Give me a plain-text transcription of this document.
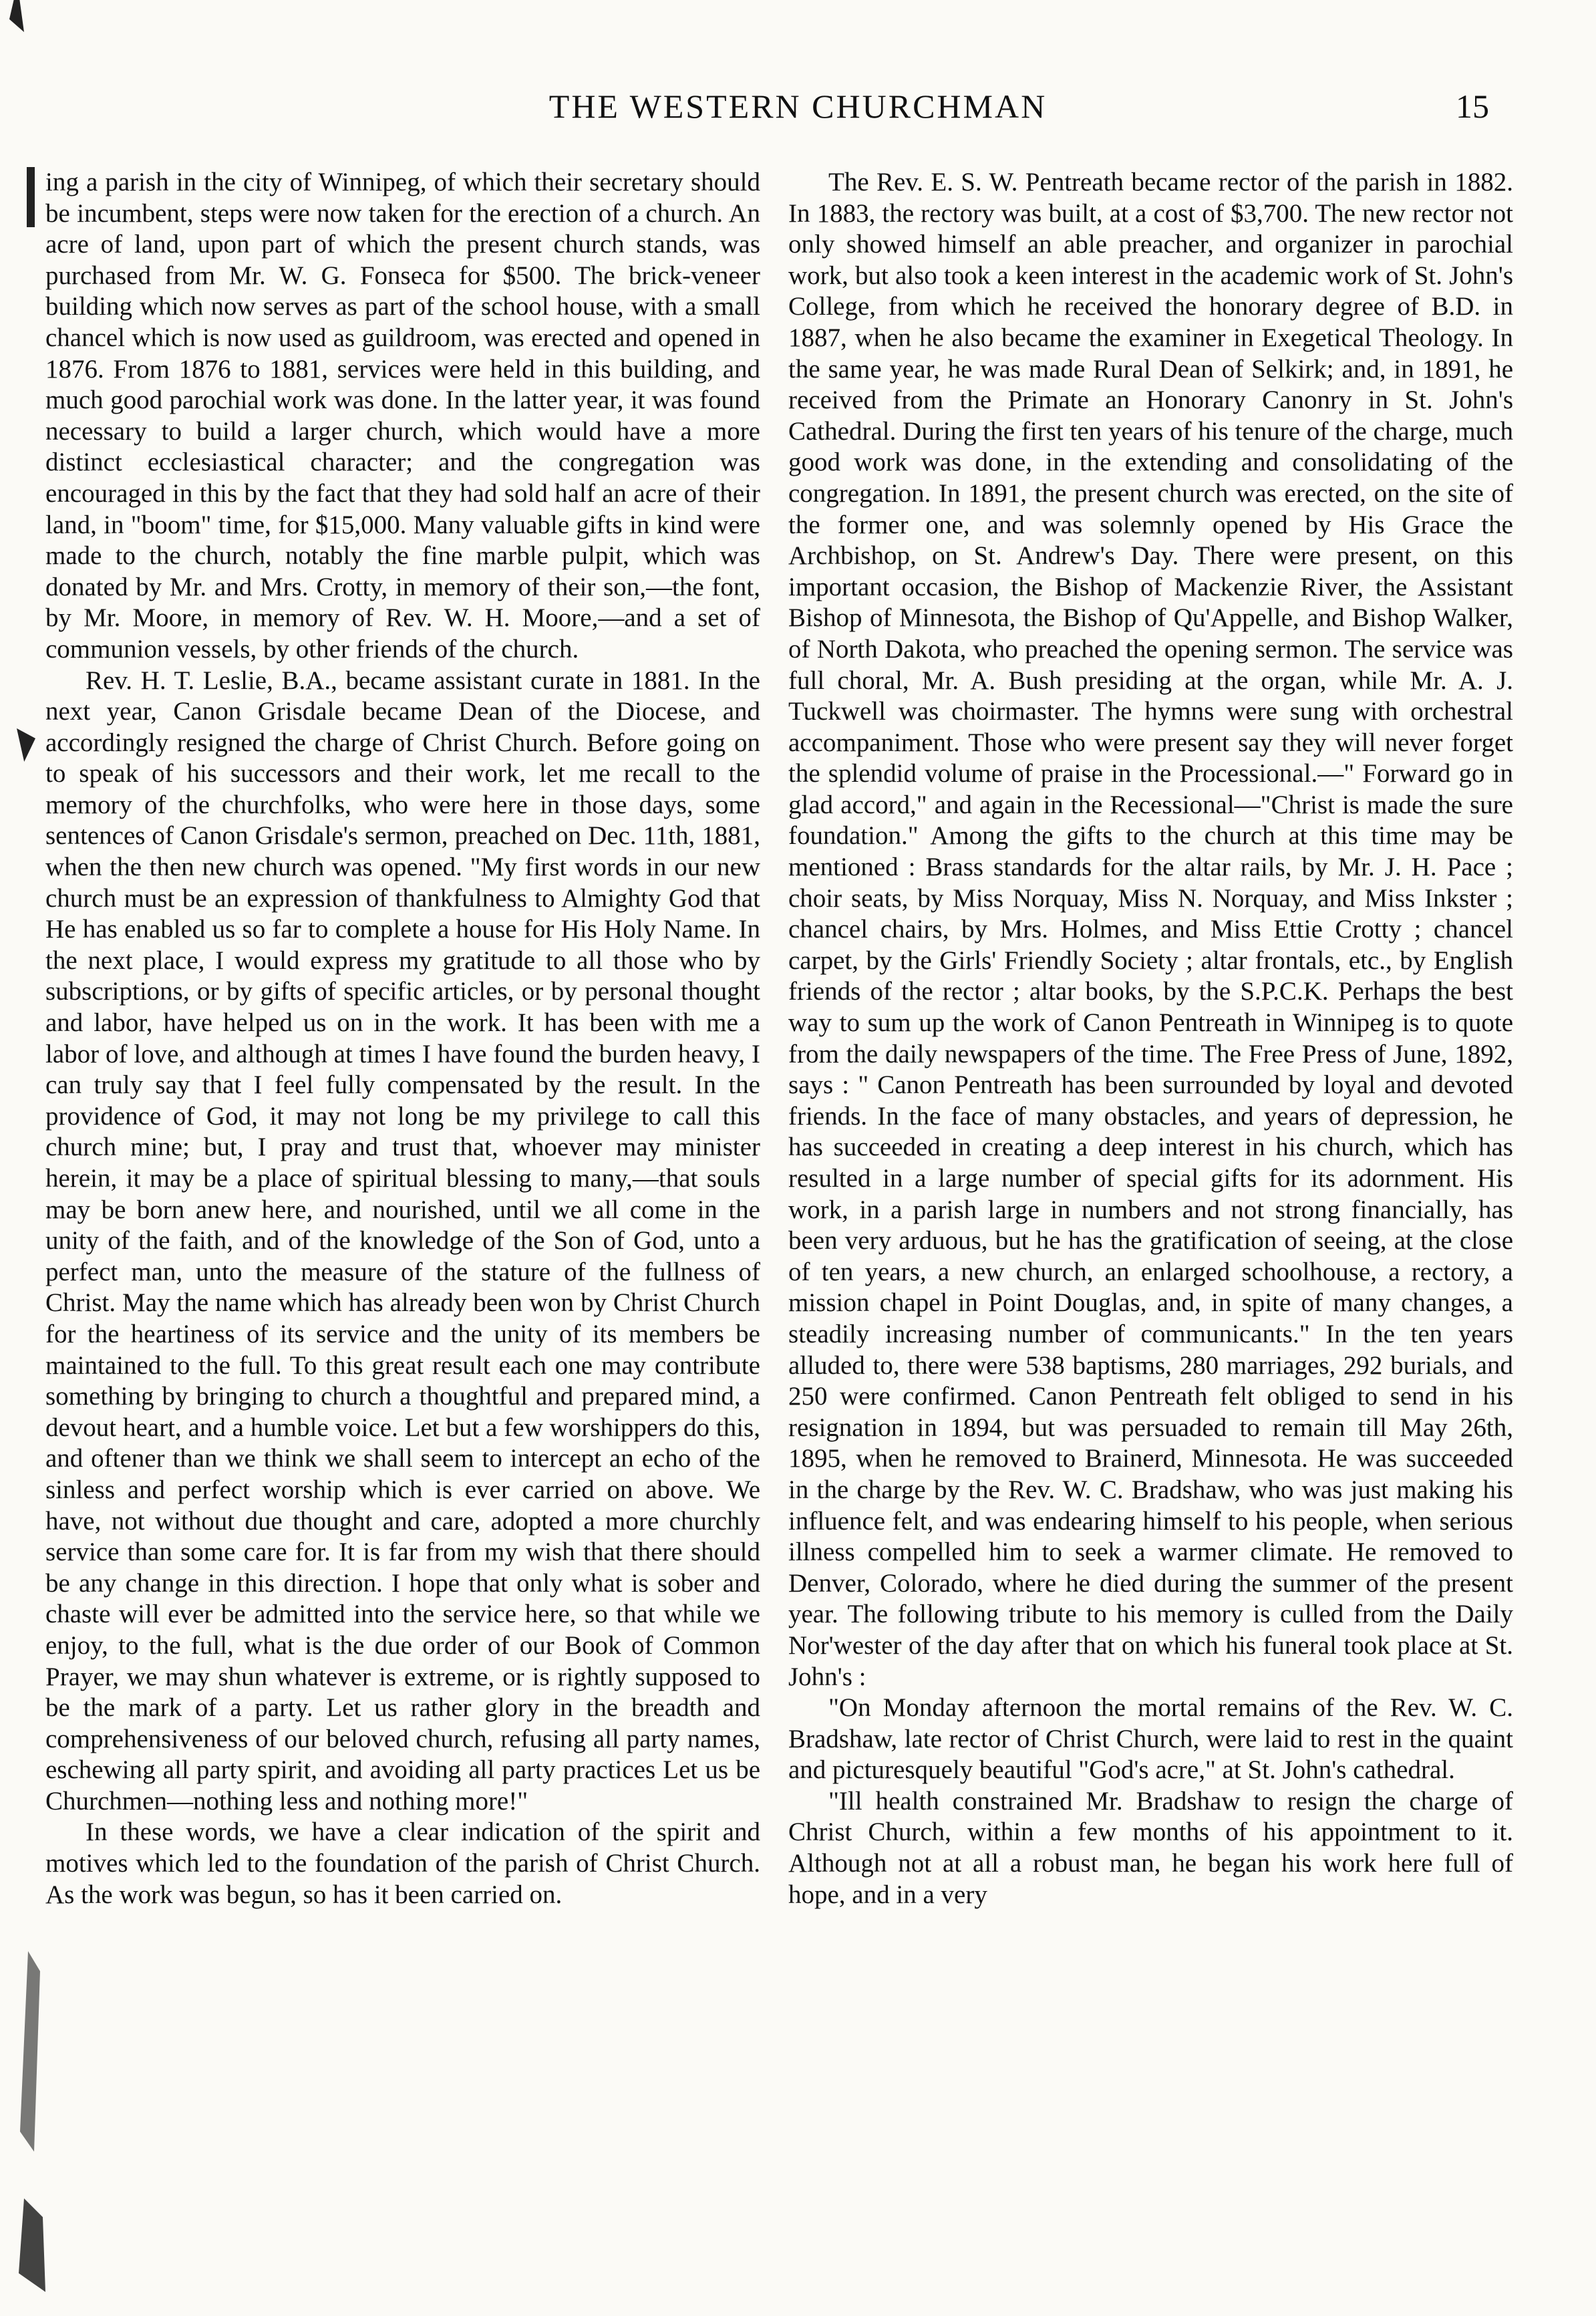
THE WESTERN CHURCHMAN	15

ing a parish in the city of Winnipeg, of which their secretary should be incumbent, steps were now taken for the erection of a church. An acre of land, upon part of which the present church stands, was purchased from Mr. W. G. Fonseca for $500. The brick-veneer building which now serves as part of the school house, with a small chancel which is now used as guildroom, was erected and opened in 1876. From 1876 to 1881, services were held in this building, and much good parochial work was done. In the latter year, it was found necessary to build a larger church, which would have a more distinct ecclesiastical character; and the congregation was encouraged in this by the fact that they had sold half an acre of their land, in "boom" time, for $15,000. Many valuable gifts in kind were made to the church, notably the fine marble pulpit, which was donated by Mr. and Mrs. Crotty, in memory of their son,—the font, by Mr. Moore, in memory of Rev. W. H. Moore,—and a set of communion vessels, by other friends of the church.

Rev. H. T. Leslie, B.A., became assistant curate in 1881. In the next year, Canon Grisdale became Dean of the Diocese, and accordingly resigned the charge of Christ Church. Before going on to speak of his successors and their work, let me recall to the memory of the churchfolks, who were here in those days, some sentences of Canon Grisdale's sermon, preached on Dec. 11th, 1881, when the then new church was opened. "My first words in our new church must be an expression of thankfulness to Almighty God that He has enabled us so far to complete a house for His Holy Name. In the next place, I would express my gratitude to all those who by subscriptions, or by gifts of specific articles, or by personal thought and labor, have helped us on in the work. It has been with me a labor of love, and although at times I have found the burden heavy, I can truly say that I feel fully compensated by the result. In the providence of God, it may not long be my privilege to call this church mine; but, I pray and trust that, whoever may minister herein, it may be a place of spiritual blessing to many,—that souls may be born anew here, and nourished, until we all come in the unity of the faith, and of the knowledge of the Son of God, unto a perfect man, unto the measure of the stature of the fullness of Christ. May the name which has already been won by Christ Church for the heartiness of its service and the unity of its members be maintained to the full. To this great result each one may contribute something by bringing to church a thoughtful and prepared mind, a devout heart, and a humble voice. Let but a few worshippers do this, and oftener than we think we shall seem to intercept an echo of the sinless and perfect worship which is ever carried on above. We have, not without due thought and care, adopted a more churchly service than some care for. It is far from my wish that there should be any change in this direction. I hope that only what is sober and chaste will ever be admitted into the service here, so that while we enjoy, to the full, what is the due order of our Book of Common Prayer, we may shun whatever is extreme, or is rightly supposed to be the mark of a party. Let us rather glory in the breadth and comprehensiveness of our beloved church, refusing all party names, eschewing all party spirit, and avoiding all party practices Let us be Churchmen—nothing less and nothing more!"

In these words, we have a clear indication of the spirit and motives which led to the foundation of the parish of Christ Church. As the work was begun, so has it been carried on.

The Rev. E. S. W. Pentreath became rector of the parish in 1882. In 1883, the rectory was built, at a cost of $3,700. The new rector not only showed himself an able preacher, and organizer in parochial work, but also took a keen interest in the academic work of St. John's College, from which he received the honorary degree of B.D. in 1887, when he also became the examiner in Exegetical Theology. In the same year, he was made Rural Dean of Selkirk; and, in 1891, he received from the Primate an Honorary Canonry in St. John's Cathedral. During the first ten years of his tenure of the charge, much good work was done, in the extending and consolidating of the congregation. In 1891, the present church was erected, on the site of the former one, and was solemnly opened by His Grace the Archbishop, on St. Andrew's Day. There were present, on this important occasion, the Bishop of Mackenzie River, the Assistant Bishop of Minnesota, the Bishop of Qu'Appelle, and Bishop Walker, of North Dakota, who preached the opening sermon. The service was full choral, Mr. A. Bush presiding at the organ, while Mr. A. J. Tuckwell was choirmaster. The hymns were sung with orchestral accompaniment. Those who were present say they will never forget the splendid volume of praise in the Processional.—" Forward go in glad accord," and again in the Recessional—"Christ is made the sure foundation." Among the gifts to the church at this time may be mentioned : Brass standards for the altar rails, by Mr. J. H. Pace ; choir seats, by Miss Norquay, Miss N. Norquay, and Miss Inkster ; chancel chairs, by Mrs. Holmes, and Miss Ettie Crotty ; chancel carpet, by the Girls' Friendly Society ; altar frontals, etc., by English friends of the rector ; altar books, by the S.P.C.K. Perhaps the best way to sum up the work of Canon Pentreath in Winnipeg is to quote from the daily newspapers of the time. The Free Press of June, 1892, says : " Canon Pentreath has been surrounded by loyal and devoted friends. In the face of many obstacles, and years of depression, he has succeeded in creating a deep interest in his church, which has resulted in a large number of special gifts for its adornment. His work, in a parish large in numbers and not strong financially, has been very arduous, but he has the gratification of seeing, at the close of ten years, a new church, an enlarged schoolhouse, a rectory, a mission chapel in Point Douglas, and, in spite of many changes, a steadily increasing number of communicants." In the ten years alluded to, there were 538 baptisms, 280 marriages, 292 burials, and 250 were confirmed. Canon Pentreath felt obliged to send in his resignation in 1894, but was persuaded to remain till May 26th, 1895, when he removed to Brainerd, Minnesota. He was succeeded in the charge by the Rev. W. C. Bradshaw, who was just making his influence felt, and was endearing himself to his people, when serious illness compelled him to seek a warmer climate. He removed to Denver, Colorado, where he died during the summer of the present year. The following tribute to his memory is culled from the Daily Nor'wester of the day after that on which his funeral took place at St. John's :

"On Monday afternoon the mortal remains of the Rev. W. C. Bradshaw, late rector of Christ Church, were laid to rest in the quaint and picturesquely beautiful "God's acre," at St. John's cathedral.

"Ill health constrained Mr. Bradshaw to resign the charge of Christ Church, within a few months of his appointment to it. Although not at all a robust man, he began his work here full of hope, and in a very
